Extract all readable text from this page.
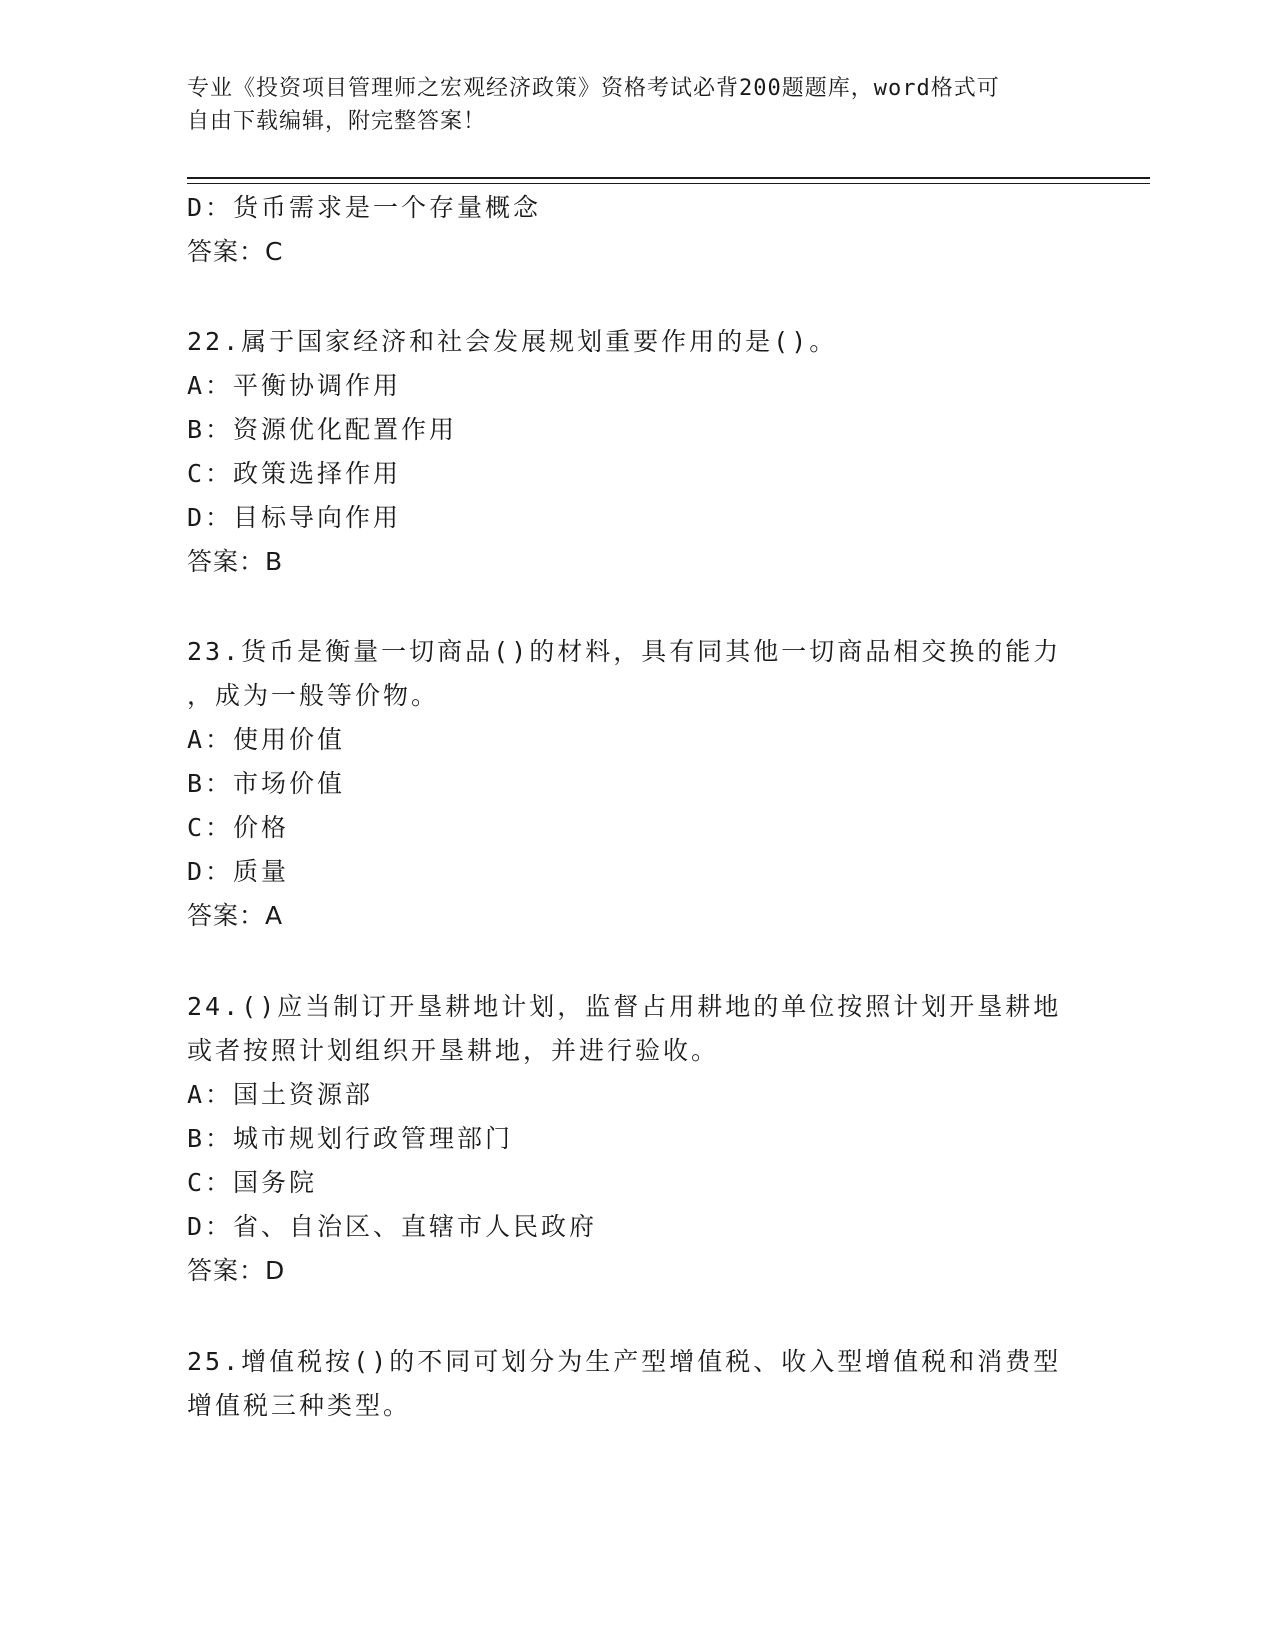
专业《投资项目管理师之宏观经济政策》资格考试必背200题题库，word格式可
自由下载编辑，附完整答案！
D：货币需求是一个存量概念
答案：C
22.属于国家经济和社会发展规划重要作用的是()。
A：平衡协调作用
B：资源优化配置作用
C：政策选择作用
D：目标导向作用
答案：B
23.货币是衡量一切商品()的材料，具有同其他一切商品相交换的能力
，成为一般等价物。
A：使用价值
B：市场价值
C：价格
D：质量
答案：A
24.()应当制订开垦耕地计划，监督占用耕地的单位按照计划开垦耕地
或者按照计划组织开垦耕地，并进行验收。
A：国土资源部
B：城市规划行政管理部门
C：国务院
D：省、自治区、直辖市人民政府
答案：D
25.增值税按()的不同可划分为生产型增值税、收入型增值税和消费型
增值税三种类型。
